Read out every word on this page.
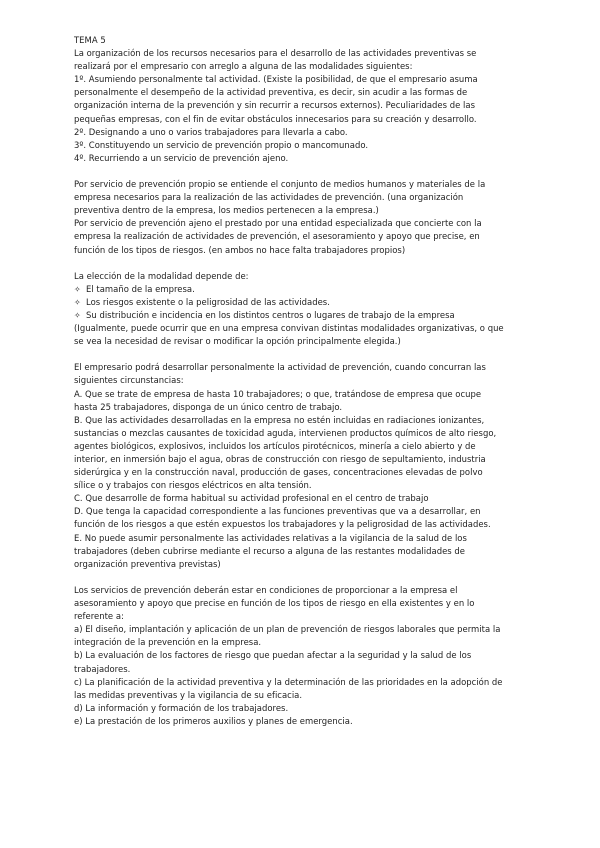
TEMA 5
La organización de los recursos necesarios para el desarrollo de las actividades preventivas se
realizará por el empresario con arreglo a alguna de las modalidades siguientes:
1º. Asumiendo personalmente tal actividad. (Existe la posibilidad, de que el empresario asuma
personalmente el desempeño de la actividad preventiva, es decir, sin acudir a las formas de
organización interna de la prevención y sin recurrir a recursos externos). Peculiaridades de las
pequeñas empresas, con el fin de evitar obstáculos innecesarios para su creación y desarrollo.
2º. Designando a uno o varios trabajadores para llevarla a cabo.
3º. Constituyendo un servicio de prevención propio o mancomunado.
4º. Recurriendo a un servicio de prevención ajeno.
Por servicio de prevención propio se entiende el conjunto de medios humanos y materiales de la
empresa necesarios para la realización de las actividades de prevención. (una organización
preventiva dentro de la empresa, los medios pertenecen a la empresa.)
Por servicio de prevención ajeno el prestado por una entidad especializada que concierte con la
empresa la realización de actividades de prevención, el asesoramiento y apoyo que precise, en
función de los tipos de riesgos. (en ambos no hace falta trabajadores propios)
La elección de la modalidad depende de:
✧ El tamaño de la empresa.
✧ Los riesgos existente o la peligrosidad de las actividades.
✧ Su distribución e incidencia en los distintos centros o lugares de trabajo de la empresa
(Igualmente, puede ocurrir que en una empresa convivan distintas modalidades organizativas, o que
se vea la necesidad de revisar o modificar la opción principalmente elegida.)
El empresario podrá desarrollar personalmente la actividad de prevención, cuando concurran las
siguientes circunstancias:
A. Que se trate de empresa de hasta 10 trabajadores; o que, tratándose de empresa que ocupe
hasta 25 trabajadores, disponga de un único centro de trabajo.
B. Que las actividades desarrolladas en la empresa no estén incluidas en radiaciones ionizantes,
sustancias o mezclas causantes de toxicidad aguda, intervienen productos químicos de alto riesgo,
agentes biológicos, explosivos, incluidos los artículos pirotécnicos, minería a cielo abierto y de
interior, en inmersión bajo el agua, obras de construcción con riesgo de sepultamiento, industria
siderúrgica y en la construcción naval, producción de gases, concentraciones elevadas de polvo
sílice o y trabajos con riesgos eléctricos en alta tensión.
C. Que desarrolle de forma habitual su actividad profesional en el centro de trabajo
D. Que tenga la capacidad correspondiente a las funciones preventivas que va a desarrollar, en
función de los riesgos a que estén expuestos los trabajadores y la peligrosidad de las actividades.
E. No puede asumir personalmente las actividades relativas a la vigilancia de la salud de los
trabajadores (deben cubrirse mediante el recurso a alguna de las restantes modalidades de
organización preventiva previstas)
Los servicios de prevención deberán estar en condiciones de proporcionar a la empresa el
asesoramiento y apoyo que precise en función de los tipos de riesgo en ella existentes y en lo
referente a:
a) El diseño, implantación y aplicación de un plan de prevención de riesgos laborales que permita la
integración de la prevención en la empresa.
b) La evaluación de los factores de riesgo que puedan afectar a la seguridad y la salud de los
trabajadores.
c) La planificación de la actividad preventiva y la determinación de las prioridades en la adopción de
las medidas preventivas y la vigilancia de su eficacia.
d) La información y formación de los trabajadores.
e) La prestación de los primeros auxilios y planes de emergencia.
